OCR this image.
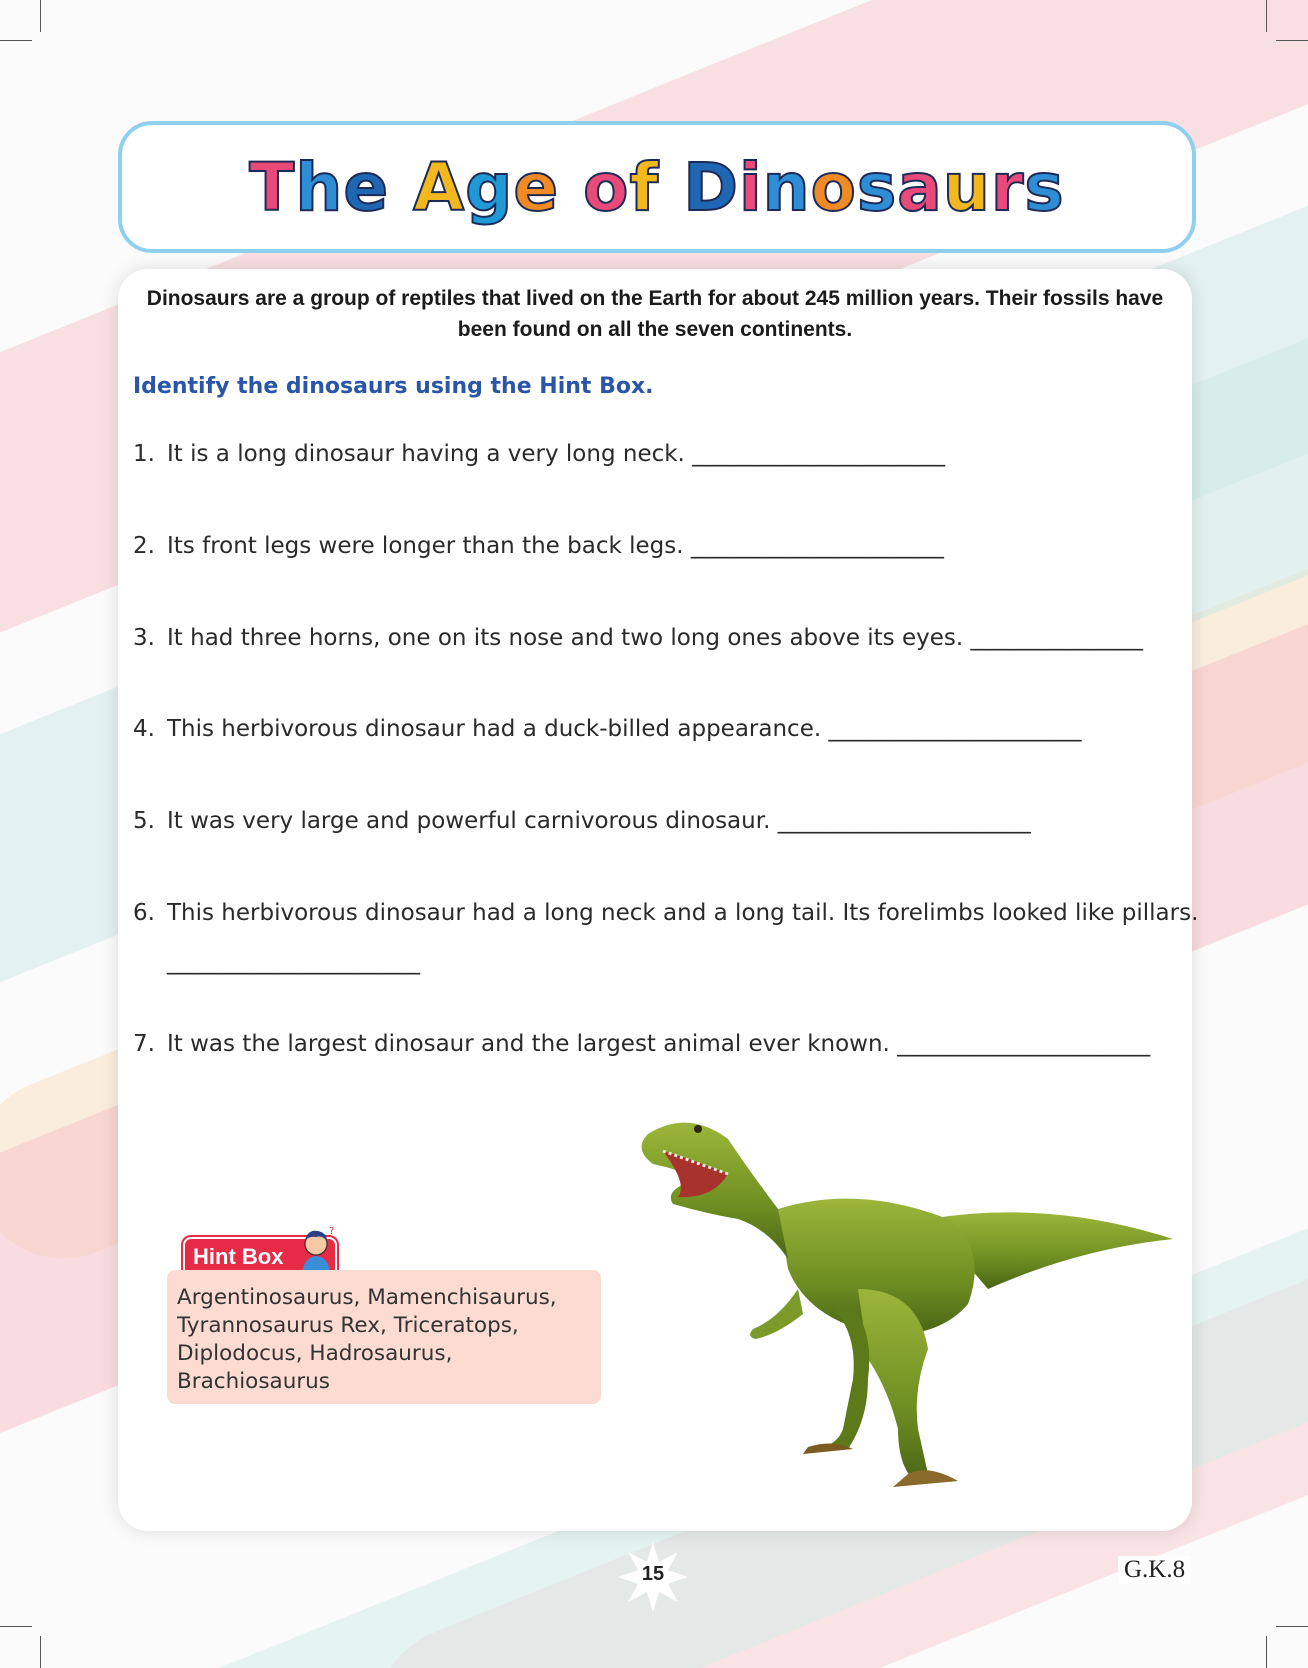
The Age of Dinosaurs
Dinosaurs are a group of reptiles that lived on the Earth for about 245 million years. Their fossils have been found on all the seven continents.
Identify the dinosaurs using the Hint Box.
1. It is a long dinosaur having a very long neck. ______________________
2. Its front legs were longer than the back legs. ______________________
3. It had three horns, one on its nose and two long ones above its eyes. _______________
4. This herbivorous dinosaur had a duck-billed appearance. ______________________
5. It was very large and powerful carnivorous dinosaur. ______________________
6. This herbivorous dinosaur had a long neck and a long tail. Its forelimbs looked like pillars.
______________________
7. It was the largest dinosaur and the largest animal ever known. ______________________
Hint Box
?
Argentinosaurus, Mamenchisaurus,
Tyrannosaurus Rex, Triceratops,
Diplodocus, Hadrosaurus,
Brachiosaurus
15	G.K.8
